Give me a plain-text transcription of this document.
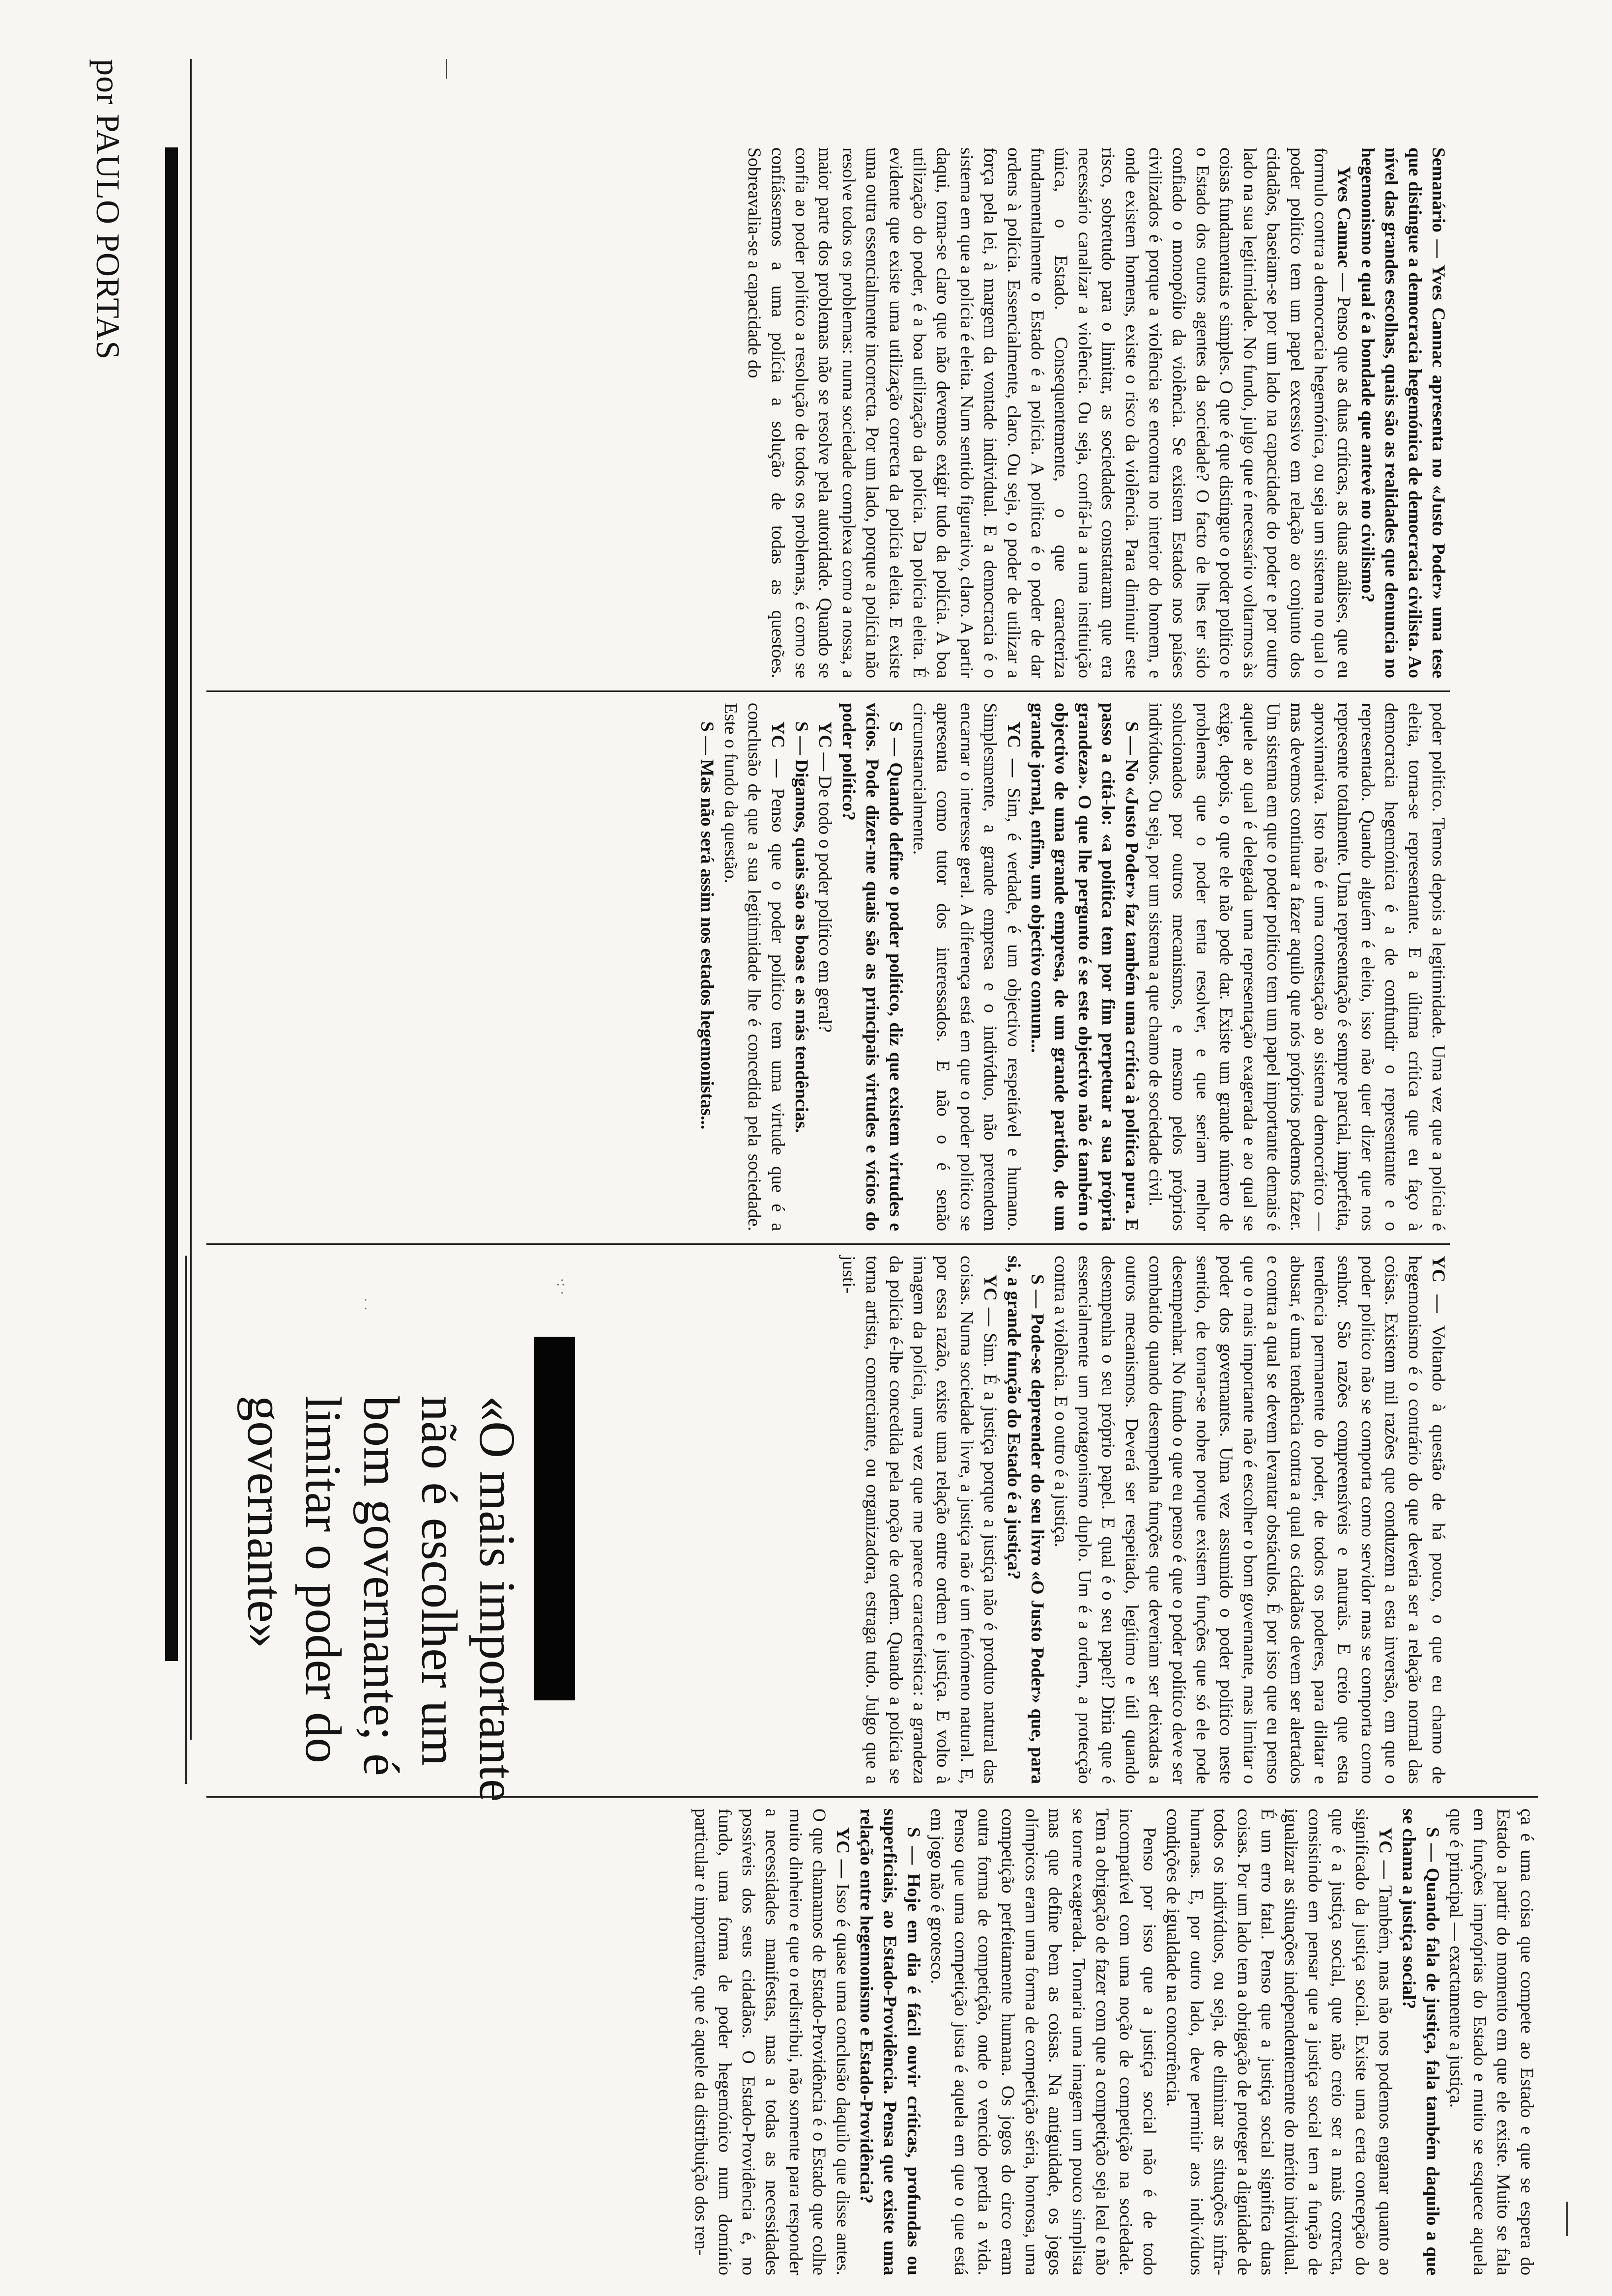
por PAULO PORTAS	Semanário — Yves Cannac apresenta no «Justo Poder» uma tese que distingue a democracia hegemónica de democracia civilista. Ao nível das grandes escolhas, quais são as realidades que denuncia no hegemonismo e qual é a bondade que antevê no civilismo?

Yves Cannac — Penso que as duas críticas, as duas análises, que eu formulo contra a democracia hegemónica, ou seja um sistema no qual o poder político tem um papel excessivo em relação ao conjunto dos cidadãos, baseiam-se por um lado na capacidade do poder e por outro lado na sua legitimidade. No fundo, julgo que é necessário voltarmos às coisas fundamentais e simples. O que é que distingue o poder político e o Estado dos outros agentes da sociedade? O facto de lhes ter sido confiado o monopólio da violência. Se existem Estados nos países civilizados é porque a violência se encontra no interior do homem, e onde existem homens, existe o risco da violência. Para diminuir este risco, sobretudo para o limitar, as sociedades constataram que era necessário canalizar a violência. Ou seja, confiá-la a uma instituição única, o Estado. Consequentemente, o que caracteriza fundamentalmente o Estado é a polícia. A política é o poder de dar ordens à polícia. Essencialmente, claro. Ou seja, o poder de utilizar a força pela lei, à margem da vontade individual. E a democracia é o sistema em que a polícia é eleita. Num sentido figurativo, claro. A partir daqui, torna-se claro que não devemos exigir tudo da polícia. A boa utilização do poder, é a boa utilização da polícia. Da polícia eleita. É evidente que existe uma utilização correcta da polícia eleita. E existe uma outra essencialmente incorrecta. Por um lado, porque a polícia não resolve todos os problemas: numa sociedade complexa como a nossa, a maior parte dos problemas não se resolve pela autoridade. Quando se confia ao poder político a resolução de todos os problemas, é como se confiássemos a uma polícia a solução de todas as questões. Sobreavalia-se a capacidade do

poder político. Temos depois a legitimidade. Uma vez que a polícia é eleita, torna-se representante. E a última crítica que eu faço à democracia hegemónica é a de confundir o representante e o representado. Quando alguém é eleito, isso não quer dizer que nos represente totalmente. Uma representação é sempre parcial, imperfeita, aproximativa. Isto não é uma contestação ao sistema democrático — mas devemos continuar a fazer aquilo que nós próprios podemos fazer. Um sistema em que o poder político tem um papel importante demais é aquele ao qual é delegada uma representação exagerada e ao qual se exige, depois, o que ele não pode dar. Existe um grande número de problemas que o poder tenta resolver, e que seriam melhor solucionados por outros mecanismos, e mesmo pelos próprios indivíduos. Ou seja, por um sistema a que chamo de sociedade civil.

S — No «Justo Poder» faz também uma crítica à política pura. E passo a citá-lo: «a política tem por fim perpetuar a sua própria grandeza». O que lhe pergunto é se este objectivo não é também o objectivo de uma grande empresa, de um grande partido, de um grande jornal, enfim, um objectivo comum...

YC — Sim, é verdade, é um objectivo respeitável e humano. Simplesmente, a grande empresa e o indivíduo, não pretendem encarnar o interesse geral. A diferença está em que o poder político se apresenta como tutor dos interessados. E não o é senão circunstancialmente.

S — Quando define o poder político, diz que existem virtudes e vícios. Pode dizer-me quais são as principais virtudes e vícios do poder político?

YC — De todo o poder político em geral?

S — Digamos, quais são as boas e as más tendências.

YC — Penso que o poder político tem uma virtude que é a conclusão de que a sua legitimidade lhe é concedida pela sociedade. Este o fundo da questão.

S — Mas não será assim nos estados hegemonistas...

YC — Voltando à questão de há pouco, o que eu chamo de hegemonismo é o contrário do que deveria ser a relação normal das coisas. Existem mil razões que conduzem a esta inversão, em que o poder político não se comporta como servidor mas se comporta como senhor. São razões compreensíveis e naturais. E creio que esta tendência permanente do poder, de todos os poderes, para dilatar e abusar, é uma tendência contra a qual os cidadãos devem ser alertados e contra a qual se devem levantar obstáculos. É por isso que eu penso que o mais importante não é escolher o bom governante, mas limitar o poder dos governantes. Uma vez assumido o poder político neste sentido, de tornar-se nobre porque existem funções que só ele pode desempenhar. No fundo o que eu penso é que o poder político deve ser combatido quando desempenha funções que deveriam ser deixadas a outros mecanismos. Deverá ser respeitado, legítimo e útil quando desempenha o seu próprio papel. E qual é o seu papel? Diria que é essencialmente um protagonismo duplo. Um é a ordem, a protecção contra a violência. E o outro é a justiça.

S — Pode-se depreender do seu livro «O Justo Poder» que, para si, a grande função do Estado é a justiça?

YC — Sim. É a justiça porque a justiça não é produto natural das coisas. Numa sociedade livre, a justiça não é um fenómeno natural. E, por essa razão, existe uma relação entre ordem e justiça. E volto à imagem da polícia, uma vez que me parece característica: a grandeza da polícia é-lhe concedida pela noção de ordem. Quando a polícia se torna artista, comerciante, ou organizadora, estraga tudo. Julgo que a justi-

«O mais importante não é escolher um bom governante; é limitar o poder do governante»
·: ·
· ·

ça é uma coisa que compete ao Estado e que se espera do Estado a partir do momento em que ele existe. Muito se fala em funções impróprias do Estado e muito se esquece aquela que é principal — exactamente a justiça.

S — Quando fala de justiça, fala também daquilo a que se chama a justiça social?

YC — Também, mas não nos podemos enganar quanto ao significado da justiça social. Existe uma certa concepção do que é a justiça social, que não creio ser a mais correcta, consistindo em pensar que a justiça social tem a função de igualizar as situações independentemente do mérito individual. É um erro fatal. Penso que a justiça social significa duas coisas. Por um lado tem a obrigação de proteger a dignidade de todos os indivíduos, ou seja, de eliminar as situações infra-humanas. E, por outro lado, deve permitir aos indivíduos condições de igualdade na concorrência.

Penso por isso que a justiça social não é de todo incompatível com uma noção de competição na sociedade. Tem a obrigação de fazer com que a competição seja leal e não se torne exagerada. Tomaria uma imagem um pouco simplista mas que define bem as coisas. Na antiguidade, os jogos olímpicos eram uma forma de competição séria, honrosa, uma competição perfeitamente humana. Os jogos do circo eram outra forma de competição, onde o vencido perdia a vida. Penso que uma competição justa é aquela em que o que está em jogo não é grotesco.

S — Hoje em dia é fácil ouvir críticas, profundas ou superficiais, ao Estado-Providência. Pensa que existe uma relação entre hegemonismo e Estado-Providência?

YC — Isso é quase uma conclusão daquilo que disse antes. O que chamamos de Estado-Providência é o Estado que colhe muito dinheiro e que o redistribui, não somente para responder a necessidades manifestas, mas a todas as necessidades possíveis dos seus cidadãos. O Estado-Providência é, no fundo, uma forma de poder hegemónico num domínio particular e importante, que é aquele da distribuição dos ren-
